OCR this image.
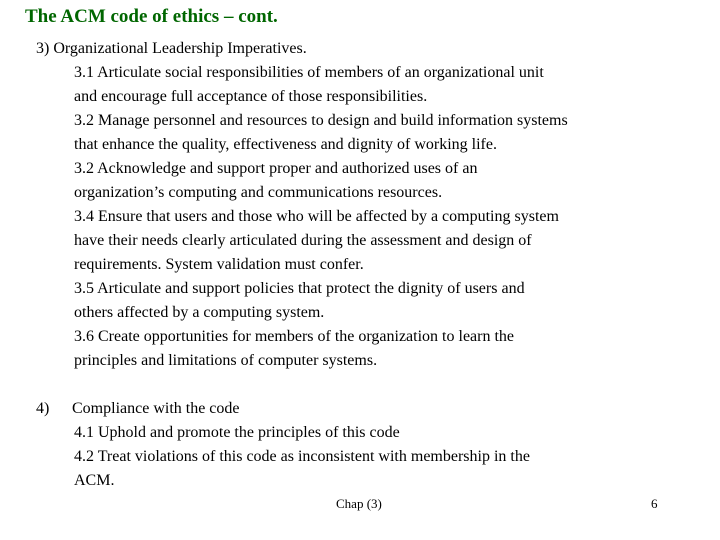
The ACM code of ethics – cont.
3) Organizational Leadership Imperatives.
3.1 Articulate social responsibilities of members of an organizational unit
and encourage full acceptance of those responsibilities.
3.2 Manage personnel and resources to design and build information systems
that enhance the quality, effectiveness and dignity of working life.
3.2 Acknowledge and support proper and authorized uses of an
organization’s computing and communications resources.
3.4 Ensure that users and those who will be affected by a computing system
have their needs clearly articulated during the assessment and design of
requirements. System validation must confer.
3.5 Articulate and support policies that protect the dignity of users and
others affected by a computing system.
3.6 Create opportunities for members of the organization to learn the
principles and limitations of computer systems.
4) Compliance with the code
4.1 Uphold and promote the principles of this code
4.2 Treat violations of this code as inconsistent with membership in the
ACM.
Chap (3)	6
